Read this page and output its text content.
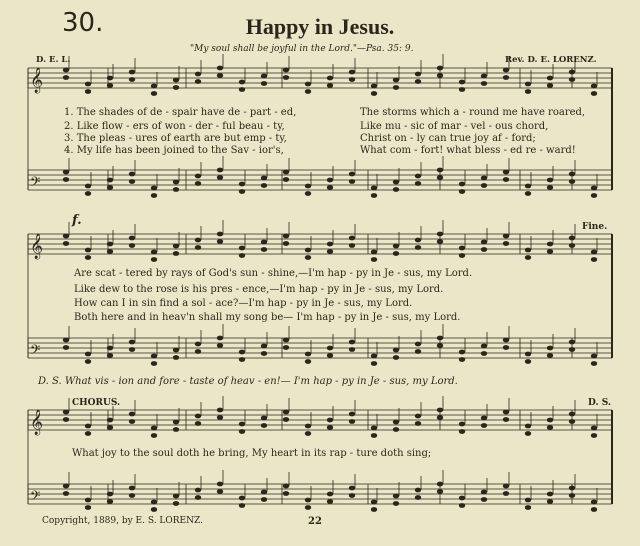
30.	Happy in Jesus.
"My soul shall be joyful in the Lord."—Psa. 35: 9.
D. E. L.	Rev. D. E. LORENZ.
𝄞
𝄢
𝄞
𝄢
𝄞
𝄢
f.	Fine.
CHORUS.	D. S.
1. The shades of de - spair have de - part - ed,	The storms which a - round me have roared,
2. Like flow - ers of won - der - ful beau - ty,	Like mu - sic of mar - vel - ous chord,
3. The pleas - ures of earth are but emp - ty,	Christ on - ly can true joy af - ford;
4. My life has been joined to the Sav - ior's,	What com - fort! what bless - ed re - ward!
Are scat - tered by rays of God's sun - shine,—I'm hap - py in Je - sus, my Lord.
Like dew to the rose is his pres - ence,—I'm hap - py in Je - sus, my Lord.
How can I in sin find a sol - ace?—I'm hap - py in Je - sus, my Lord.
Both here and in heav'n shall my song be— I'm hap - py in Je - sus, my Lord.
D. S. What vis - ion and fore - taste of heav - en!— I'm hap - py in Je - sus, my Lord.
What joy to the soul doth he bring, My heart in its rap - ture doth sing;
Copyright, 1889, by E. S. LORENZ.	22
